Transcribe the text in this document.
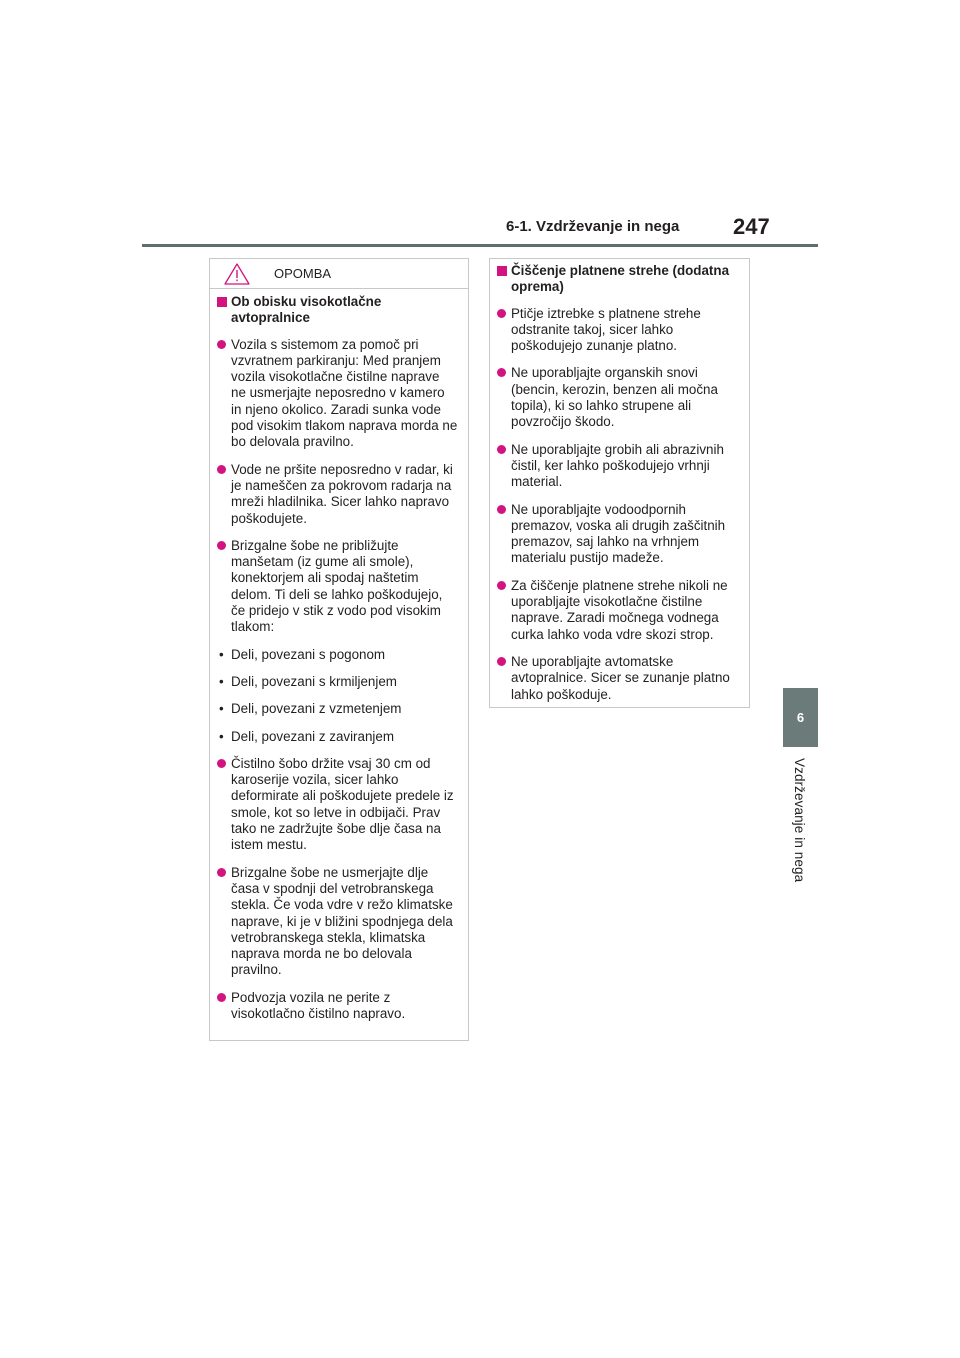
6-1. Vzdrževanje in nega 247
6
Vzdrževanje in nega
OPOMBA
Ob obisku visokotlačne avtopralnice
Vozila s sistemom za pomoč pri vzvratnem parkiranju: Med pranjem vozila visokotlačne čistilne naprave ne usmerjajte neposredno v kamero in njeno okolico. Zaradi sunka vode pod visokim tlakom naprava morda ne bo delovala pravilno.
Vode ne pršite neposredno v radar, ki je nameščen za pokrovom radarja na mreži hladilnika. Sicer lahko napravo poškodujete.
Brizgalne šobe ne približujte manšetam (iz gume ali smole), konektorjem ali spodaj naštetim delom. Ti deli se lahko poškodujejo, če pridejo v stik z vodo pod visokim tlakom:
• Deli, povezani s pogonom
• Deli, povezani s krmiljenjem
• Deli, povezani z vzmetenjem
• Deli, povezani z zaviranjem
Čistilno šobo držite vsaj 30 cm od karoserije vozila, sicer lahko deformirate ali poškodujete predele iz smole, kot so letve in odbijači. Prav tako ne zadržujte šobe dlje časa na istem mestu.
Brizgalne šobe ne usmerjajte dlje časa v spodnji del vetrobranskega stekla. Če voda vdre v režo klimatske naprave, ki je v bližini spodnjega dela vetrobranskega stekla, klimatska naprava morda ne bo delovala pravilno.
Podvozja vozila ne perite z visokotlačno čistilno napravo.
Čiščenje platnene strehe (dodatna oprema)
Ptičje iztrebke s platnene strehe odstranite takoj, sicer lahko poškodujejo zunanje platno.
Ne uporabljajte organskih snovi (bencin, kerozin, benzen ali močna topila), ki so lahko strupene ali povzročijo škodo.
Ne uporabljajte grobih ali abrazivnih čistil, ker lahko poškodujejo vrhnji material.
Ne uporabljajte vodoodpornih premazov, voska ali drugih zaščitnih premazov, saj lahko na vrhnjem materialu pustijo madeže.
Za čiščenje platnene strehe nikoli ne uporabljajte visokotlačne čistilne naprave. Zaradi močnega vodnega curka lahko voda vdre skozi strop.
Ne uporabljajte avtomatske avtopralnice. Sicer se zunanje platno lahko poškoduje.
